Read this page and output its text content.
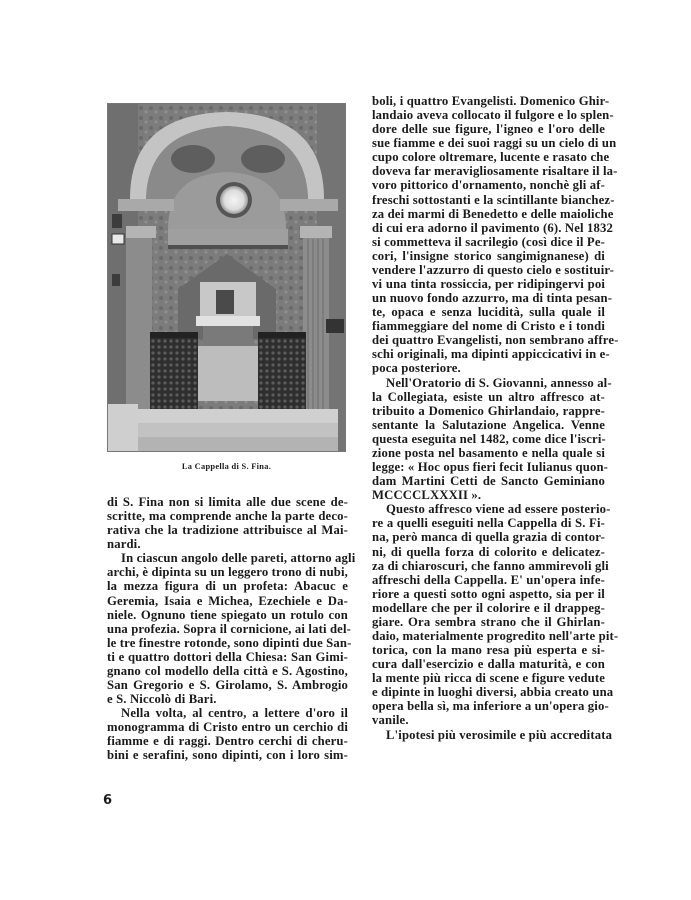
La Cappella di S. Fina.
di S. Fina non si limita alle due scene de-
scritte, ma comprende anche la parte deco-
rativa che la tradizione attribuisce al Mai-
nardi.
In ciascun angolo delle pareti, attorno agli
archi, è dipinta su un leggero trono di nubi,
la mezza figura di un profeta: Abacuc e
Geremia, Isaia e Michea, Ezechiele e Da-
niele. Ognuno tiene spiegato un rotulo con
una profezia. Sopra il cornicione, ai lati del-
le tre finestre rotonde, sono dipinti due San-
ti e quattro dottori della Chiesa: San Gimi-
gnano col modello della città e S. Agostino,
San Gregorio e S. Girolamo, S. Ambrogio
e S. Niccolò di Bari.
Nella volta, al centro, a lettere d'oro il
monogramma di Cristo entro un cerchio di
fiamme e di raggi. Dentro cerchi di cheru-
bini e serafini, sono dipinti, con i loro sim-
boli, i quattro Evangelisti. Domenico Ghir-
landaio aveva collocato il fulgore e lo splen-
dore delle sue figure, l'igneo e l'oro delle
sue fiamme e dei suoi raggi su un cielo di un
cupo colore oltremare, lucente e rasato che
doveva far meravigliosamente risaltare il la-
voro pittorico d'ornamento, nonchè gli af-
freschi sottostanti e la scintillante bianchez-
za dei marmi di Benedetto e delle maioliche
di cui era adorno il pavimento (6). Nel 1832
si commetteva il sacrilegio (così dice il Pe-
cori, l'insigne storico sangimignanese) di
vendere l'azzurro di questo cielo e sostituir-
vi una tinta rossiccia, per ridipingervi poi
un nuovo fondo azzurro, ma di tinta pesan-
te, opaca e senza lucidità, sulla quale il
fiammeggiare del nome di Cristo e i tondi
dei quattro Evangelisti, non sembrano affre-
schi originali, ma dipinti appiccicativi in e-
poca posteriore.
Nell'Oratorio di S. Giovanni, annesso al-
la Collegiata, esiste un altro affresco at-
tribuito a Domenico Ghirlandaio, rappre-
sentante la Salutazione Angelica. Venne
questa eseguita nel 1482, come dice l'iscri-
zione posta nel basamento e nella quale si
legge: « Hoc opus fieri fecit Iulianus quon-
dam Martini Cetti de Sancto Geminiano
MCCCCLXXXII ».
Questo affresco viene ad essere posterio-
re a quelli eseguiti nella Cappella di S. Fi-
na, però manca di quella grazia di contor-
ni, di quella forza di colorito e delicatez-
za di chiaroscuri, che fanno ammirevoli gli
affreschi della Cappella. E' un'opera infe-
riore a questi sotto ogni aspetto, sia per il
modellare che per il colorire e il drappeg-
giare. Ora sembra strano che il Ghirlan-
daio, materialmente progredito nell'arte pit-
torica, con la mano resa più esperta e si-
cura dall'esercizio e dalla maturità, e con
la mente più ricca di scene e figure vedute
e dipinte in luoghi diversi, abbia creato una
opera bella sì, ma inferiore a un'opera gio-
vanile.
L'ipotesi più verosimile e più accreditata
6
